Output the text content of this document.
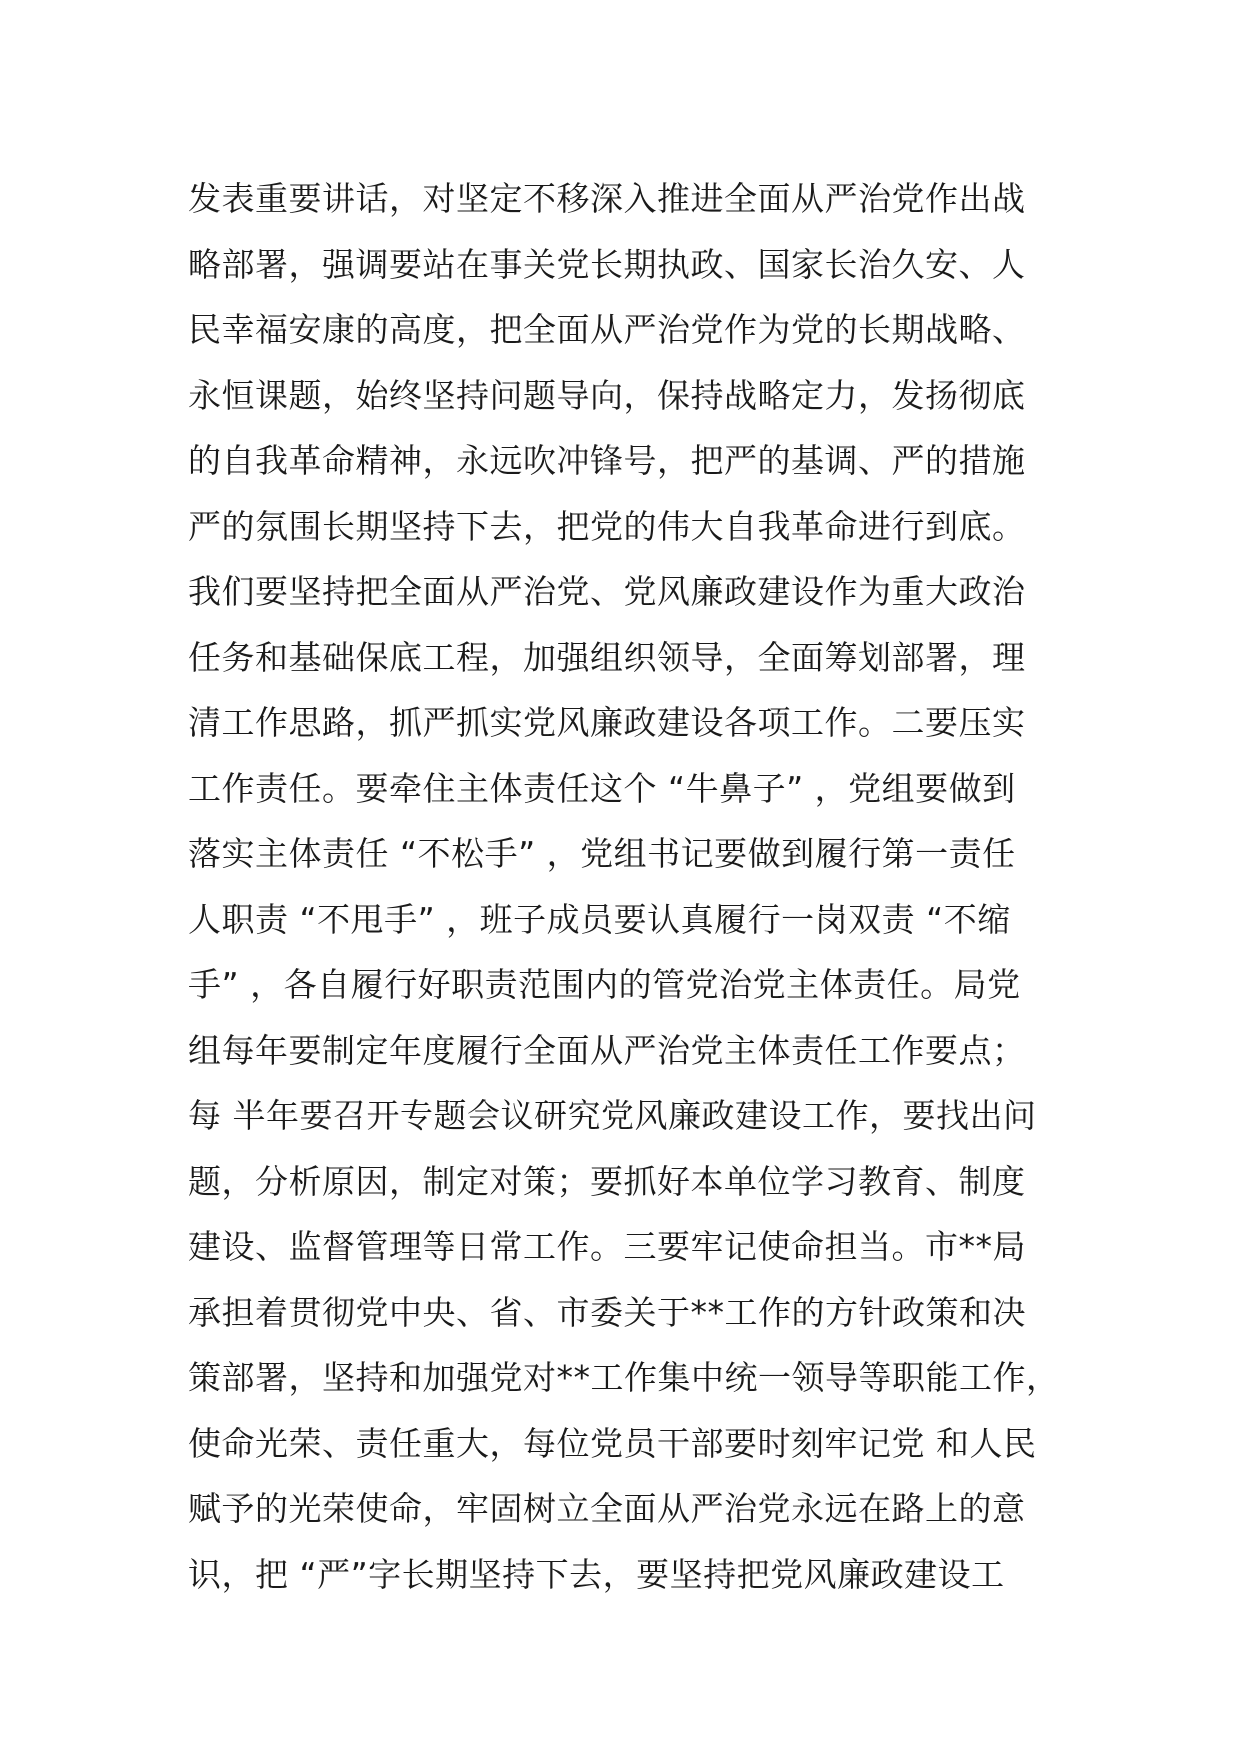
发表重要讲话，对坚定不移深入推进全面从严治党作出战
略部署，强调要站在事关党长期执政、国家长治久安、人
民幸福安康的高度，把全面从严治党作为党的长期战略、
永恒课题，始终坚持问题导向，保持战略定力，发扬彻底
的自我革命精神，永远吹冲锋号，把严的基调、严的措施
严的氛围长期坚持下去，把党的伟大自我革命进行到底。
我们要坚持把全面从严治党、党风廉政建设作为重大政治
任务和基础保底工程，加强组织领导，全面筹划部署，理
清工作思路，抓严抓实党风廉政建设各项工作。二要压实
工作责任。要牵住主体责任这个 “牛鼻子” ，党组要做到
落实主体责任 “不松手” ，党组书记要做到履行第一责任
人职责 “不甩手” ，班子成员要认真履行一岗双责 “不缩
手” ，各自履行好职责范围内的管党治党主体责任。局党
组每年要制定年度履行全面从严治党主体责任工作要点；
每 半年要召开专题会议研究党风廉政建设工作，要找出问
题，分析原因，制定对策；要抓好本单位学习教育、制度
建设、监督管理等日常工作。三要牢记使命担当。市**局
承担着贯彻党中央、省、市委关于**工作的方针政策和决
策部署，坚持和加强党对**工作集中统一领导等职能工作，
使命光荣、责任重大，每位党员干部要时刻牢记党 和人民
赋予的光荣使命，牢固树立全面从严治党永远在路上的意
识，把 “严”字长期坚持下去，要坚持把党风廉政建设工
